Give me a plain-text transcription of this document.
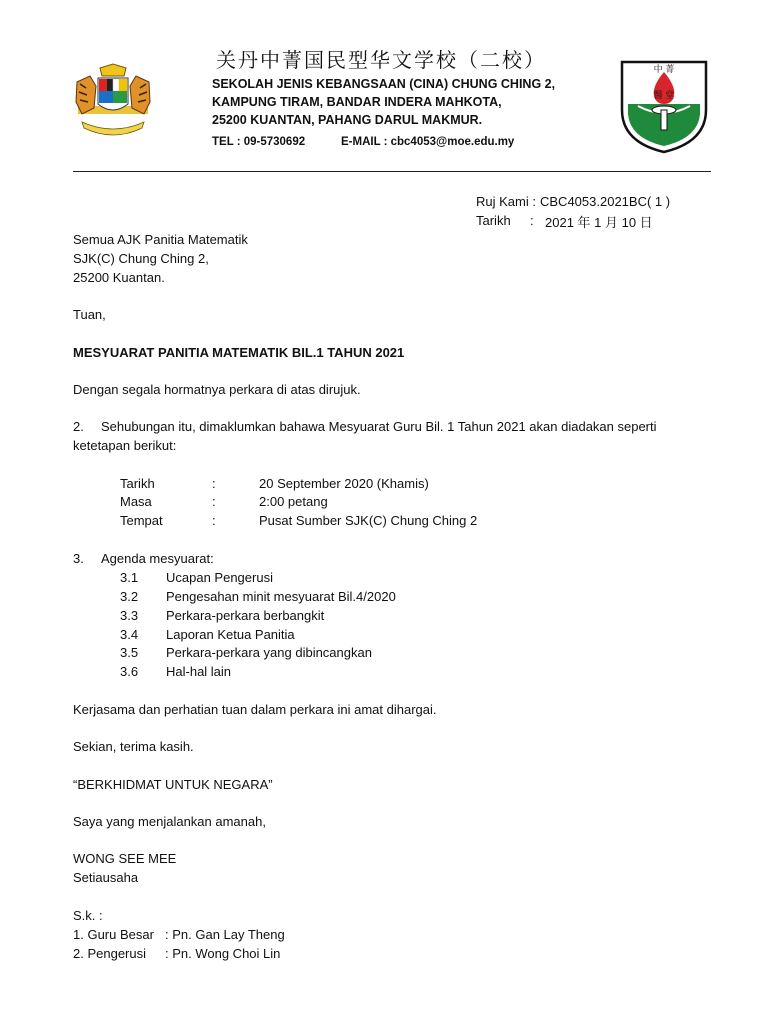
中 菁
醫 堂
关丹中菁国民型华文学校（二校）
SEKOLAH JENIS KEBANGSAAN (CINA) CHUNG CHING 2,
KAMPUNG TIRAM, BANDAR INDERA MAHKOTA,
25200 KUANTAN, PAHANG DARUL MAKMUR.
TEL : 09-5730692	E-MAIL : cbc4053@moe.edu.my
Ruj Kami : CBC4053.2021BC( 1 )
Tarikh : 2021 年 1 月 10 日
Semua AJK Panitia Matematik
SJK(C) Chung Ching 2,
25200 Kuantan.
Tuan,
MESYUARAT PANITIA MATEMATIK BIL.1 TAHUN 2021
Dengan segala hormatnya perkara di atas dirujuk.
2. Sehubungan itu, dimaklumkan bahawa Mesyuarat Guru Bil. 1 Tahun 2021 akan diadakan seperti
ketetapan berikut:
Tarikh	:	20 September 2020 (Khamis)
Masa	:	2:00 petang
Tempat	:	Pusat Sumber SJK(C) Chung Ching 2
3. Agenda mesyuarat:
3.1 Ucapan Pengerusi
3.2 Pengesahan minit mesyuarat Bil.4/2020
3.3 Perkara-perkara berbangkit
3.4 Laporan Ketua Panitia
3.5 Perkara-perkara yang dibincangkan
3.6 Hal-hal lain
Kerjasama dan perhatian tuan dalam perkara ini amat dihargai.
Sekian, terima kasih.
“BERKHIDMAT UNTUK NEGARA”
Saya yang menjalankan amanah,
WONG SEE MEE
Setiausaha
S.k. :
1. Guru Besar : Pn. Gan Lay Theng
2. Pengerusi : Pn. Wong Choi Lin
